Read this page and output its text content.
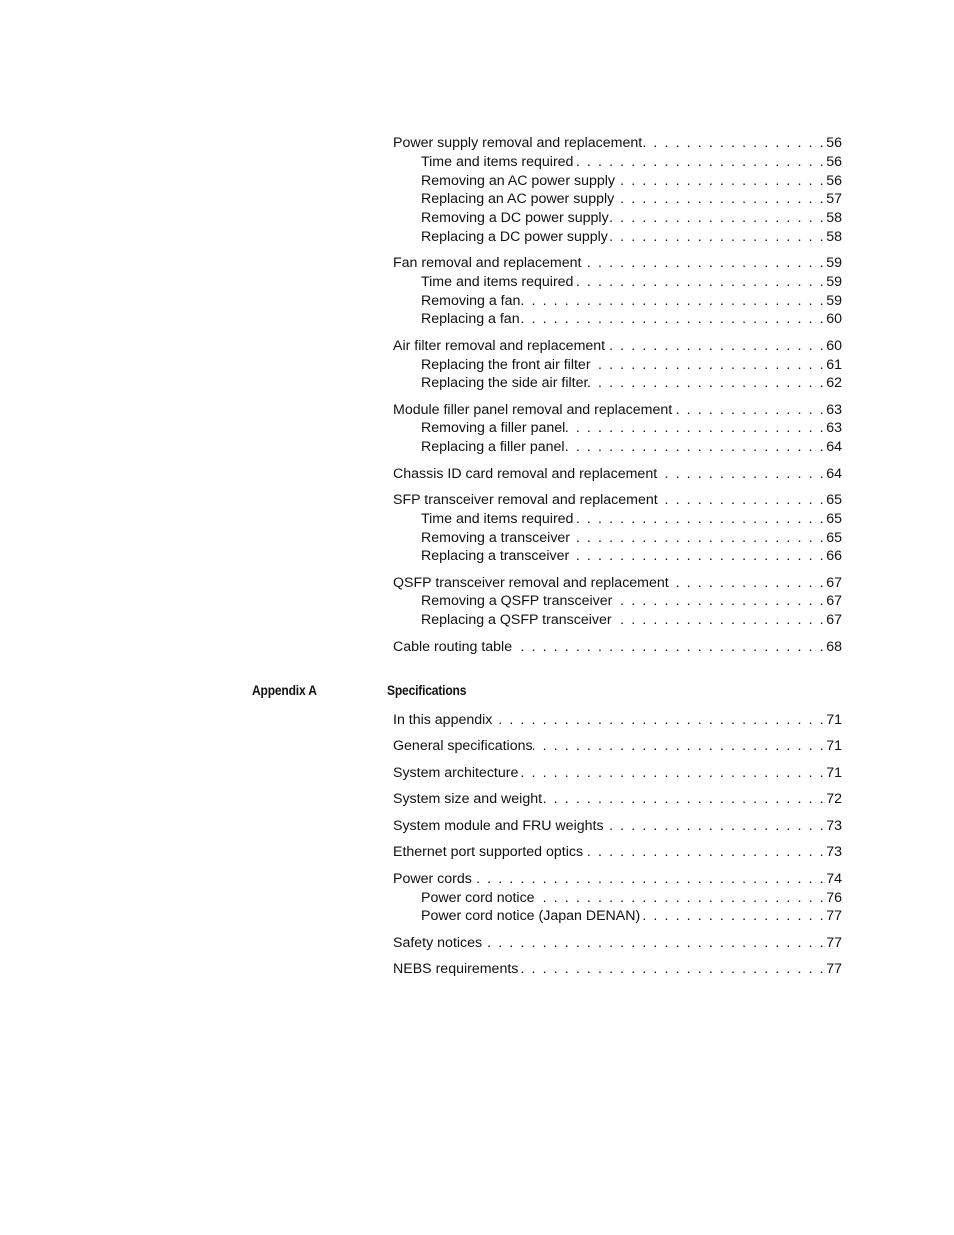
Power supply removal and replacement . . .	56
Time and items required . . .	56
Removing an AC power supply . . .	56
Replacing an AC power supply . . .	57
Removing a DC power supply . . .	58
Replacing a DC power supply . . .	58
Fan removal and replacement . . .	59
Time and items required . . .	59
Removing a fan . . .	59
Replacing a fan . . .	60
Air filter removal and replacement . . .	60
Replacing the front air filter . . .	61
Replacing the side air filter . . .	62
Module filler panel removal and replacement . . .	63
Removing a filler panel . . .	63
Replacing a filler panel . . .	64
Chassis ID card removal and replacement . . .	64
SFP transceiver removal and replacement . . .	65
Time and items required . . .	65
Removing a transceiver . . .	65
Replacing a transceiver . . .	66
QSFP transceiver removal and replacement . . .	67
Removing a QSFP transceiver . . .	67
Replacing a QSFP transceiver . . .	67
Cable routing table . . .	68
In this appendix . . .	71
General specifications . . .	71
System architecture . . .	71
System size and weight . . .	72
System module and FRU weights . . .	73
Ethernet port supported optics . . .	73
Power cords . . .	74
Power cord notice . . .	76
Power cord notice (Japan DENAN) . . .	77
Safety notices . . .	77
NEBS requirements . . .	77
Appendix A	Specifications
